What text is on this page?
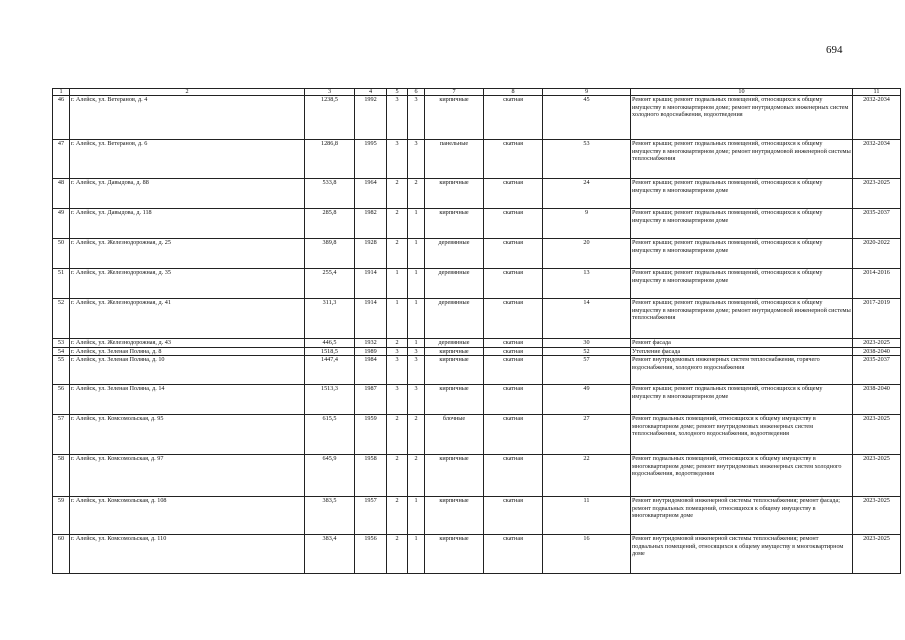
694
1	2	3	4	5	6	7	8	9	10	11
46	г. Алейск, ул. Ветеранов, д. 4	1238,5	1992	3	3	кирпичные	скатная	45	Ремонт крыши; ремонт подвальных помещений, относящихся к общему имуществу в многоквартирном доме; ремонт внутридомовых инженерных систем холодного водоснабжения, водоотведения	2032-2034
47	г. Алейск, ул. Ветеранов, д. 6	1286,8	1995	3	3	панельные	скатная	53	Ремонт крыши; ремонт подвальных помещений, относящихся к общему имуществу в многоквартирном доме; ремонт внутридомовой инженерной системы теплоснабжения	2032-2034
48	г. Алейск, ул. Давыдова, д. 88	533,8	1964	2	2	кирпичные	скатная	24	Ремонт крыши; ремонт подвальных помещений, относящихся к общему имуществу в многоквартирном доме	2023-2025
49	г. Алейск, ул. Давыдова, д. 118	285,8	1982	2	1	кирпичные	скатная	9	Ремонт крыши; ремонт подвальных помещений, относящихся к общему имуществу в многоквартирном доме	2035-2037
50	г. Алейск, ул. Железнодорожная, д. 25	389,8	1928	2	1	деревянные	скатная	20	Ремонт крыши; ремонт подвальных помещений, относящихся к общему имуществу в многоквартирном доме	2020-2022
51	г. Алейск, ул. Железнодорожная, д. 35	255,4	1914	1	1	деревянные	скатная	13	Ремонт крыши; ремонт подвальных помещений, относящихся к общему имуществу в многоквартирном доме	2014-2016
52	г. Алейск, ул. Железнодорожная, д. 41	311,3	1914	1	1	деревянные	скатная	14	Ремонт крыши; ремонт подвальных помещений, относящихся к общему имуществу в многоквартирном доме; ремонт внутридомовой инженерной системы теплоснабжения	2017-2019
53	г. Алейск, ул. Железнодорожная, д. 43	446,5	1932	2	1	деревянные	скатная	30	Ремонт фасада	2023-2025
54	г. Алейск, ул. Зеленая Поляна, д. 8	1518,5	1989	3	3	кирпичные	скатная	52	Утепление фасада	2038-2040
55	г. Алейск, ул. Зеленая Поляна, д. 10	1447,4	1984	3	3	кирпичные	скатная	57	Ремонт внутридомовых инженерных систем теплоснабжения, горячего водоснабжения, холодного водоснабжения	2035-2037
56	г. Алейск, ул. Зеленая Поляна, д. 14	1513,3	1987	3	3	кирпичные	скатная	49	Ремонт крыши; ремонт подвальных помещений, относящихся к общему имуществу в многоквартирном доме	2038-2040
57	г. Алейск, ул. Комсомольская, д. 95	615,5	1959	2	2	блочные	скатная	27	Ремонт подвальных помещений, относящихся к общему имуществу в многоквартирном доме; ремонт внутридомовых инженерных систем теплоснабжения, холодного водоснабжения, водоотведения	2023-2025
58	г. Алейск, ул. Комсомольская, д. 97	645,9	1958	2	2	кирпичные	скатная	22	Ремонт подвальных помещений, относящихся к общему имуществу в многоквартирном доме; ремонт внутридомовых инженерных систем холодного водоснабжения, водоотведения	2023-2025
59	г. Алейск, ул. Комсомольская, д. 108	383,5	1957	2	1	кирпичные	скатная	11	Ремонт внутридомовой инженерной системы теплоснабжения; ремонт фасада; ремонт подвальных помещений, относящихся к общему имуществу в многоквартирном доме	2023-2025
60	г. Алейск, ул. Комсомольская, д. 110	383,4	1956	2	1	кирпичные	скатная	16	Ремонт внутридомовой инженерной системы теплоснабжения; ремонт подвальных помещений, относящихся к общему имуществу в многоквартирном доме	2023-2025
